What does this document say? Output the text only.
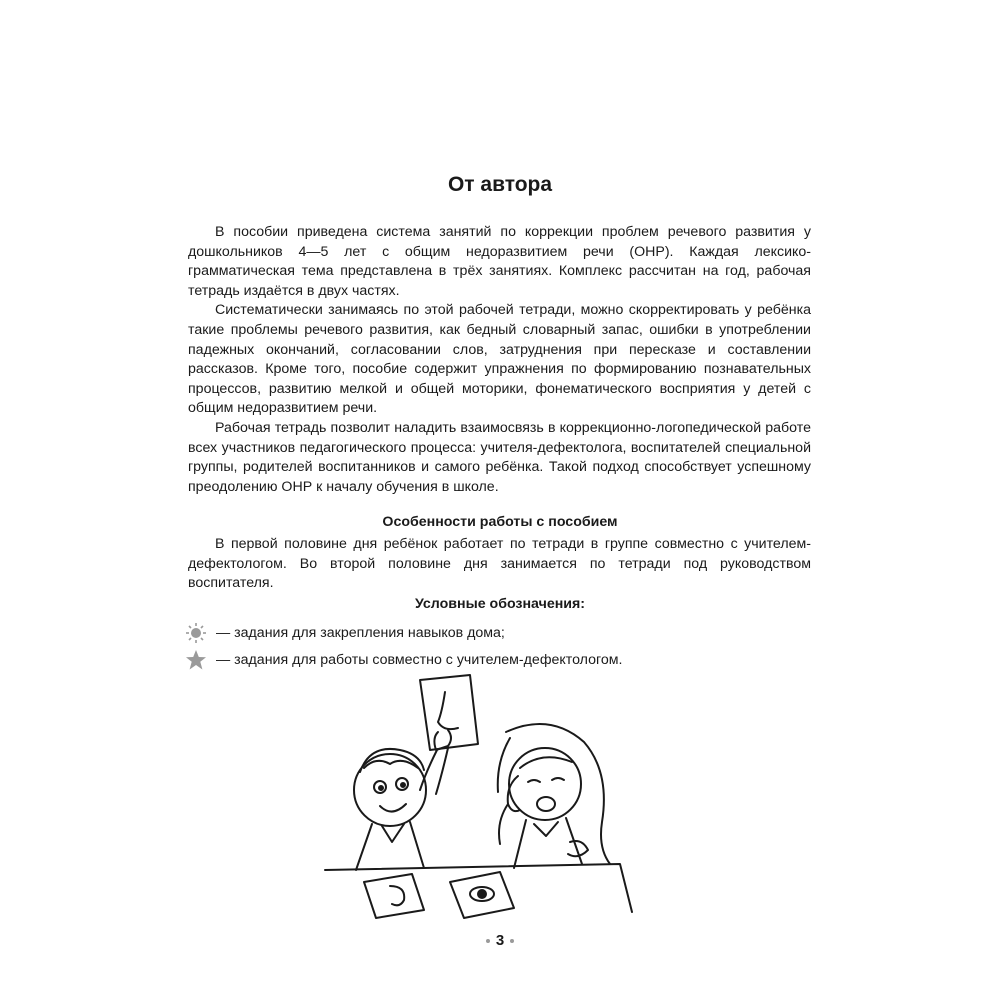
От автора

В пособии приведена система занятий по коррекции проблем речевого развития у дошкольников 4—5 лет с общим недоразвитием речи (ОНР). Каждая лексико-грамматическая тема представлена в трёх занятиях. Комплекс рассчитан на год, рабочая тетрадь издаётся в двух частях.

Систематически занимаясь по этой рабочей тетради, можно скорректировать у ребёнка такие проблемы речевого развития, как бедный словарный запас, ошибки в употреблении падежных окончаний, согласовании слов, затруднения при пересказе и составлении рассказов. Кроме того, пособие содержит упражнения по формированию познавательных процессов, развитию мелкой и общей моторики, фонематического восприятия у детей с общим недоразвитием речи.

Рабочая тетрадь позволит наладить взаимосвязь в коррекционно-логопедической работе всех участников педагогического процесса: учителя-дефектолога, воспитателей специальной группы, родителей воспитанников и самого ребёнка. Такой подход способствует успешному преодолению ОНР к началу обучения в школе.

Особенности работы с пособием

В первой половине дня ребёнок работает по тетради в группе совместно с учителем-дефектологом. Во второй половине дня занимается по тетради под руководством воспитателя.

Условные обозначения:
— задания для закрепления навыков дома;
— задания для работы совместно с учителем-дефектологом.
3
